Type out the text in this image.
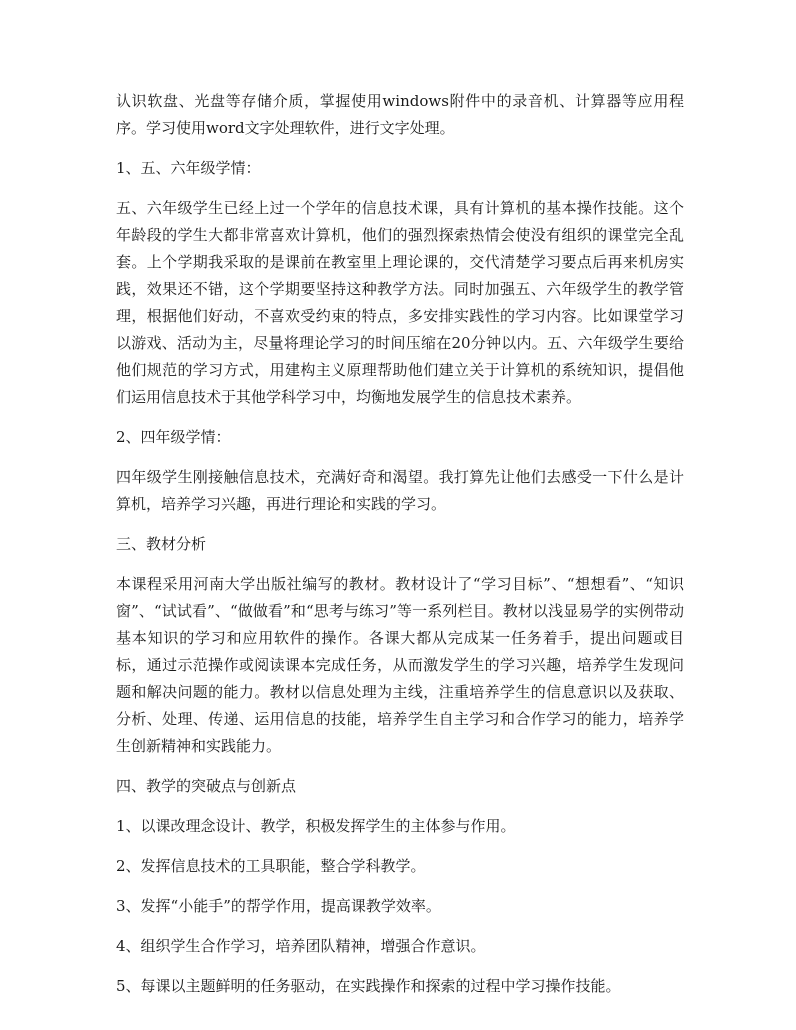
认识软盘、光盘等存储介质，掌握使用windows附件中的录音机、计算器等应用程序。学习使用word文字处理软件，进行文字处理。

1、五、六年级学情：

五、六年级学生已经上过一个学年的信息技术课，具有计算机的基本操作技能。这个年龄段的学生大都非常喜欢计算机，他们的强烈探索热情会使没有组织的课堂完全乱套。上个学期我采取的是课前在教室里上理论课的，交代清楚学习要点后再来机房实践，效果还不错，这个学期要坚持这种教学方法。同时加强五、六年级学生的教学管理，根据他们好动，不喜欢受约束的特点，多安排实践性的学习内容。比如课堂学习以游戏、活动为主，尽量将理论学习的时间压缩在20分钟以内。五、六年级学生要给他们规范的学习方式，用建构主义原理帮助他们建立关于计算机的系统知识，提倡他们运用信息技术于其他学科学习中，均衡地发展学生的信息技术素养。

2、四年级学情：

四年级学生刚接触信息技术，充满好奇和渴望。我打算先让他们去感受一下什么是计算机，培养学习兴趣，再进行理论和实践的学习。

三、教材分析

本课程采用河南大学出版社编写的教材。教材设计了“学习目标”、“想想看”、“知识窗”、“试试看”、“做做看”和“思考与练习”等一系列栏目。教材以浅显易学的实例带动基本知识的学习和应用软件的操作。各课大都从完成某一任务着手，提出问题或目标，通过示范操作或阅读课本完成任务，从而激发学生的学习兴趣，培养学生发现问题和解决问题的能力。教材以信息处理为主线，注重培养学生的信息意识以及获取、分析、处理、传递、运用信息的技能，培养学生自主学习和合作学习的能力，培养学生创新精神和实践能力。

四、教学的突破点与创新点

1、以课改理念设计、教学，积极发挥学生的主体参与作用。

2、发挥信息技术的工具职能，整合学科教学。

3、发挥“小能手”的帮学作用，提高课教学效率。

4、组织学生合作学习，培养团队精神，增强合作意识。

5、每课以主题鲜明的任务驱动，在实践操作和探索的过程中学习操作技能。
